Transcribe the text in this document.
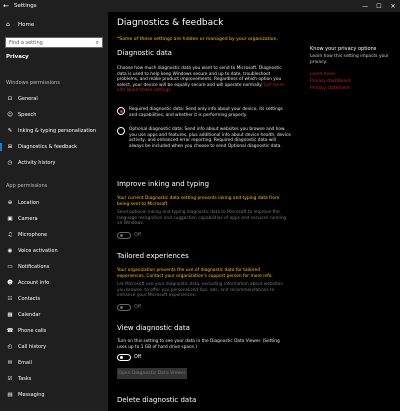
← Settings	—	☐	✕
⌂	Home
Find a setting	⌕
Privacy
Windows permissions
⊡	General
☺ Speech
✎	Inking & typing personalization
⊞	Diagnostics & feedback
◷	Activity history
App permissions
⊕	Location
▣ Camera
♫	Microphone
◉	Voice activation
▭ Notifications
☻ Account info
☷	Contacts
▦ Calendar
☎ Phone calls
◴	Call history
✉	Email
☑	Tasks
▤ Messaging
Diagnostics & feedback
*Some of these settings are hidden or managed by your organization.
Diagnostic data
Choose how much diagnostic data you want to send to Microsoft. Diagnostic data is used to help keep Windows secure and up to date, troubleshoot problems, and make product improvements. Regardless of which option you select, your device will be equally secure and will operate normally. Get more info about these settings
Required diagnostic data: Send only info about your device, its settings and capabilities, and whether it is performing properly.
Optional diagnostic data: Send info about websites you browse and how you use apps and features, plus additional info about device health, device activity, and enhanced error reporting. Required diagnostic data will always be included when you choose to send Optional diagnostic data.
Improve inking and typing
Your current Diagnostic data setting prevents inking and typing data from being sent to Microsoft.
Send optional inking and typing diagnostic data to Microsoft to improve the language recognition and suggestion capabilities of apps and services running on Windows.
Off
Tailored experiences
Your organization prevents the use of diagnostic data for tailored experiences. Contact your organization's support person for more info.
Let Microsoft use your diagnostic data, excluding information about websites you browse, to offer you personalized tips, ads, and recommendations to enhance your Microsoft experiences.
Off
View diagnostic data
Turn on this setting to see your data in the Diagnostic Data Viewer. (Setting uses up to 1 GB of hard drive space.)
Off
Open Diagnostic Data Viewer
Delete diagnostic data
Know your privacy options
Learn how this setting impacts your privacy.
Learn more
Privacy dashboard
Privacy statement
